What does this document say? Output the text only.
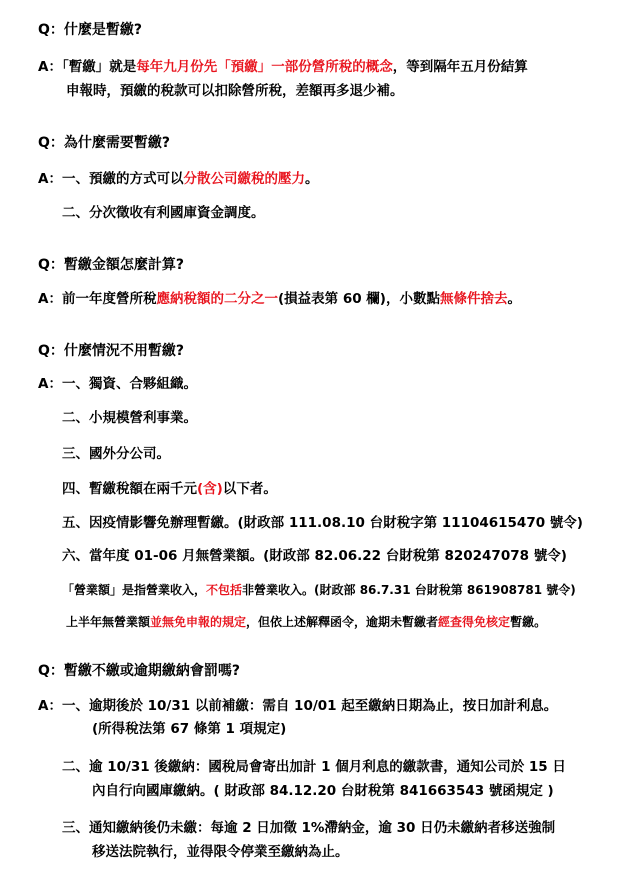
Q：什麼是暫繳?
A：「暫繳」就是每年九月份先「預繳」一部份營所稅的概念，等到隔年五月份結算
申報時，預繳的稅款可以扣除營所稅，差額再多退少補。
Q：為什麼需要暫繳?
A：一、預繳的方式可以分散公司繳稅的壓力。
二、分次徵收有利國庫資金調度。
Q：暫繳金額怎麼計算?
A：前一年度營所稅應納稅額的二分之一(損益表第 60 欄)，小數點無條件捨去。
Q：什麼情況不用暫繳?
A：一、獨資、合夥組織。
二、小規模營利事業。
三、國外分公司。
四、暫繳稅額在兩千元(含)以下者。
五、因疫情影響免辦理暫繳。(財政部 111.08.10 台財稅字第 11104615470 號令)
六、當年度 01-06 月無營業額。(財政部 82.06.22 台財稅第 820247078 號令)
「營業額」是指營業收入，不包括非營業收入。(財政部 86.7.31 台財稅第 861908781 號令)
上半年無營業額並無免申報的規定，但依上述解釋函令，逾期未暫繳者經查得免核定暫繳。
Q：暫繳不繳或逾期繳納會罰嗎?
A：一、逾期後於 10/31 以前補繳：需自 10/01 起至繳納日期為止，按日加計利息。
(所得稅法第 67 條第 1 項規定)
二、逾 10/31 後繳納：國稅局會寄出加計 1 個月利息的繳款書，通知公司於 15 日
內自行向國庫繳納。( 財政部 84.12.20 台財稅第 841663543 號函規定 )
三、通知繳納後仍未繳：每逾 2 日加徵 1%滯納金，逾 30 日仍未繳納者移送強制
移送法院執行，並得限令停業至繳納為止。
